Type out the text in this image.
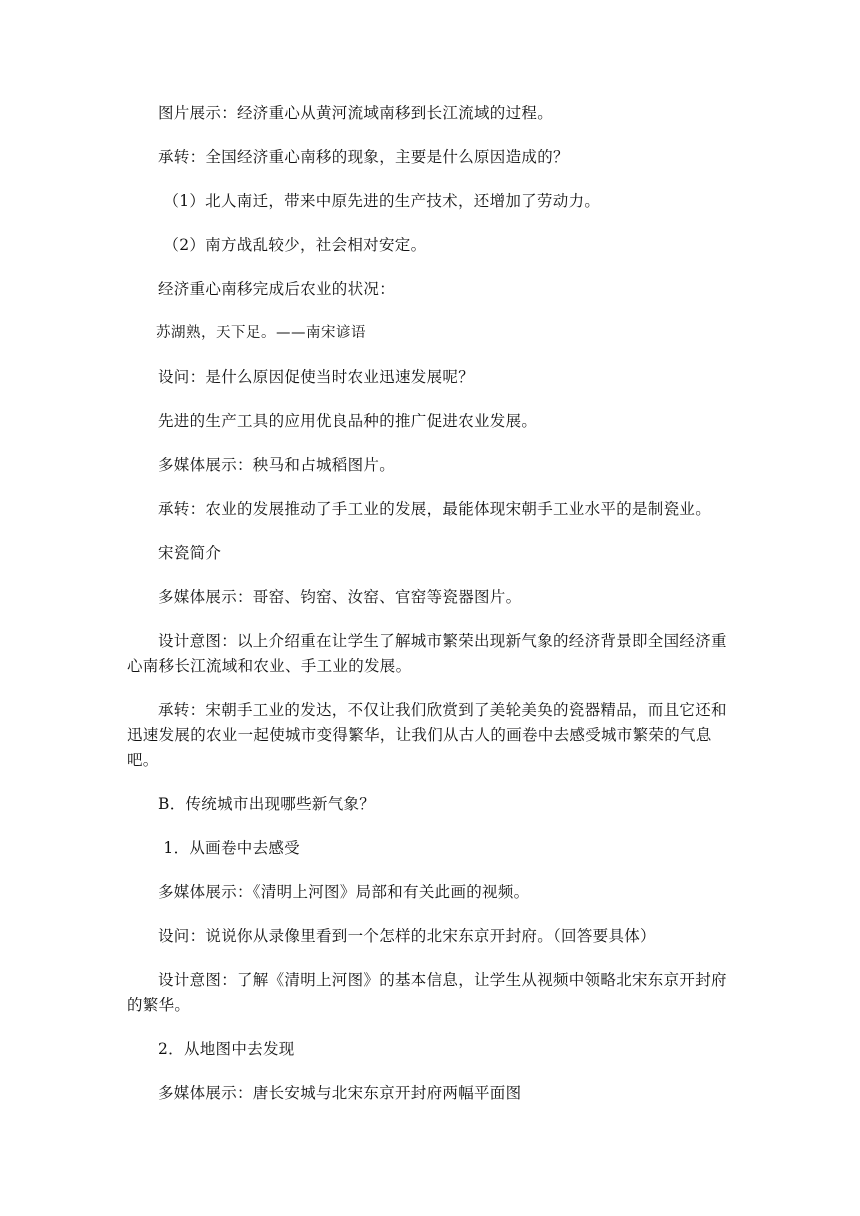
图片展示：经济重心从黄河流域南移到长江流域的过程。

承转：全国经济重心南移的现象，主要是什么原因造成的？

（1）北人南迁，带来中原先进的生产技术，还增加了劳动力。

（2）南方战乱较少，社会相对安定。

经济重心南移完成后农业的状况：

苏湖熟，天下足。——南宋谚语

设问：是什么原因促使当时农业迅速发展呢？

先进的生产工具的应用优良品种的推广促进农业发展。

多媒体展示：秧马和占城稻图片。

承转：农业的发展推动了手工业的发展，最能体现宋朝手工业水平的是制瓷业。

宋瓷简介

多媒体展示：哥窑、钧窑、汝窑、官窑等瓷器图片。

设计意图：以上介绍重在让学生了解城市繁荣出现新气象的经济背景即全国经济重心南移长江流域和农业、手工业的发展。

承转：宋朝手工业的发达，不仅让我们欣赏到了美轮美奂的瓷器精品，而且它还和迅速发展的农业一起使城市变得繁华，让我们从古人的画卷中去感受城市繁荣的气息吧。

B．传统城市出现哪些新气象？

1．从画卷中去感受

多媒体展示：《清明上河图》局部和有关此画的视频。

设问：说说你从录像里看到一个怎样的北宋东京开封府。（回答要具体）

设计意图：了解《清明上河图》的基本信息，让学生从视频中领略北宋东京开封府的繁华。

2．从地图中去发现

多媒体展示：唐长安城与北宋东京开封府两幅平面图
